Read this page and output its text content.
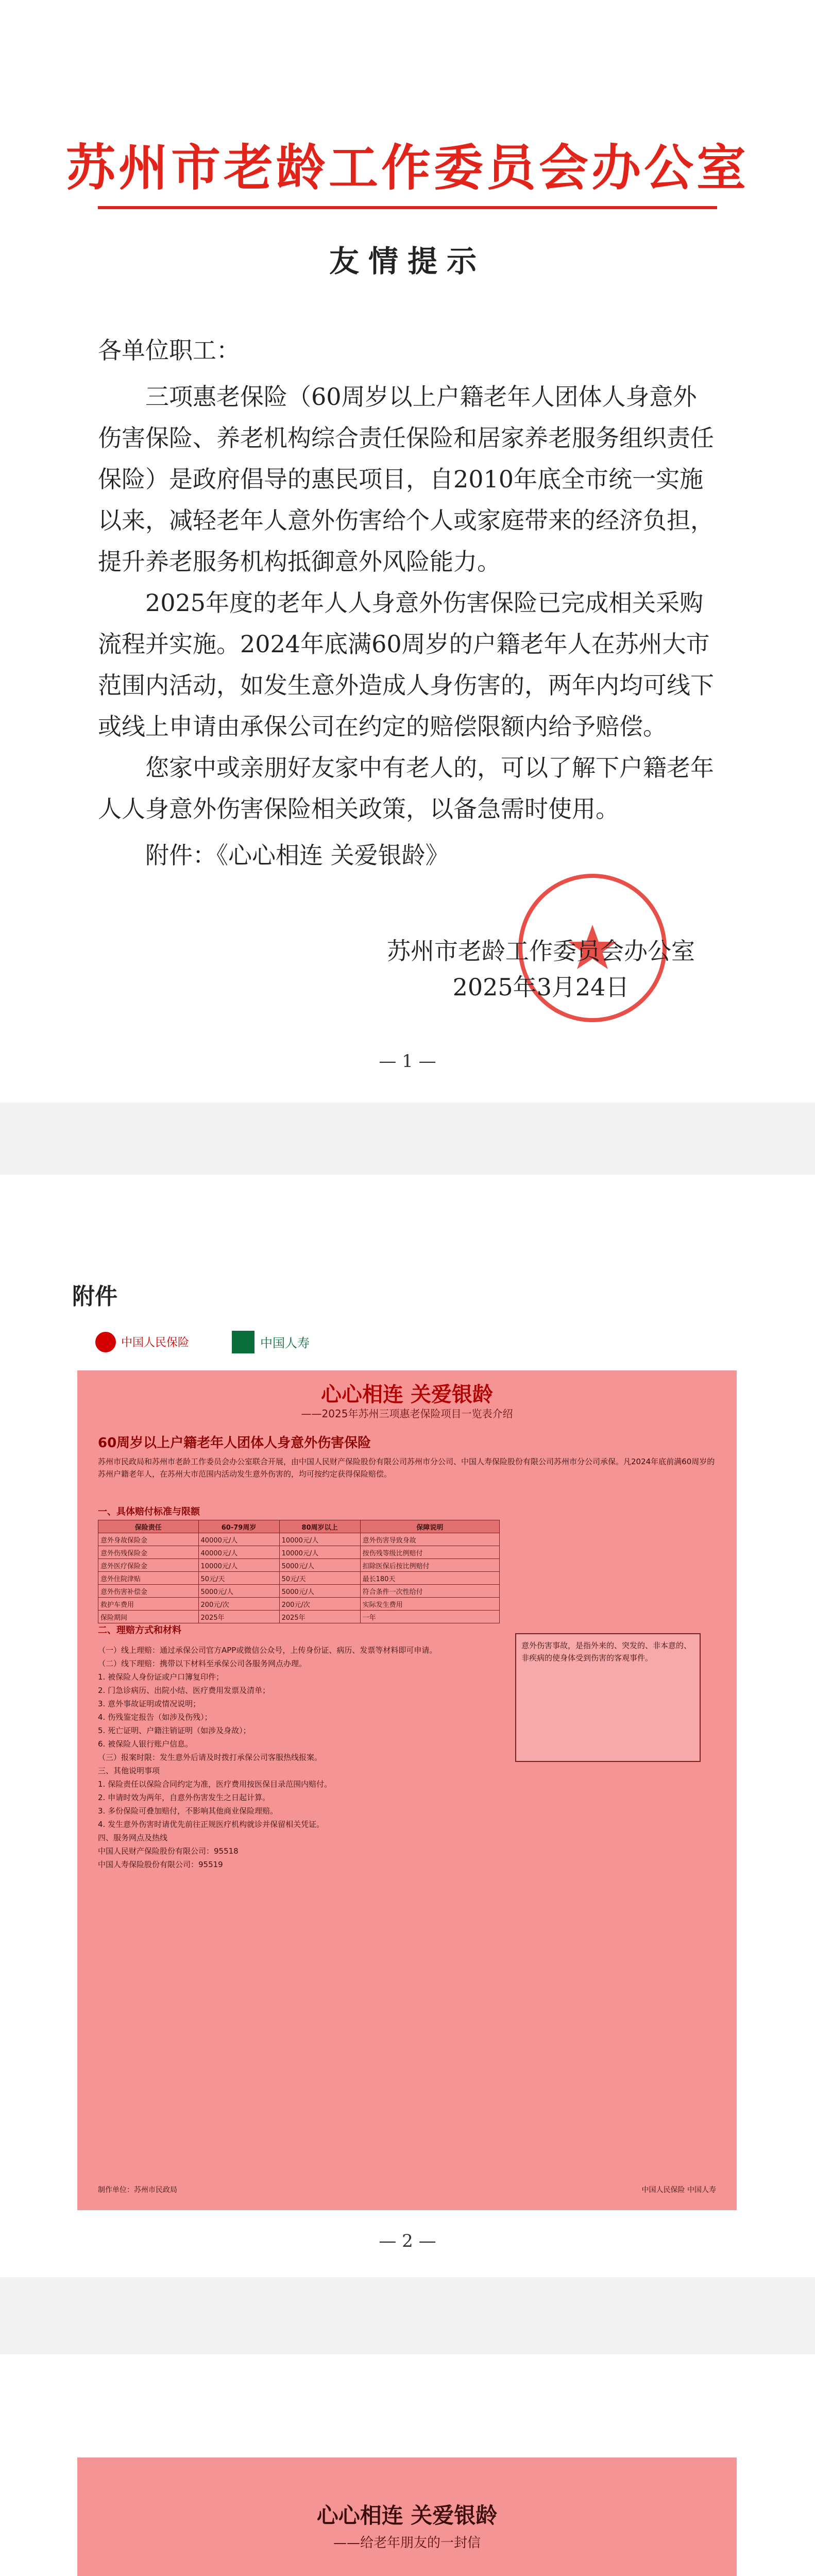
苏州市老龄工作委员会办公室
友情提示
各单位职工：

三项惠老保险（60周岁以上户籍老年人团体人身意外伤害保险、养老机构综合责任保险和居家养老服务组织责任保险）是政府倡导的惠民项目，自2010年底全市统一实施以来，减轻老年人意外伤害给个人或家庭带来的经济负担，提升养老服务机构抵御意外风险能力。

2025年度的老年人人身意外伤害保险已完成相关采购流程并实施。2024年底满60周岁的户籍老年人在苏州大市范围内活动，如发生意外造成人身伤害的，两年内均可线下或线上申请由承保公司在约定的赔偿限额内给予赔偿。

您家中或亲朋好友家中有老人的，可以了解下户籍老年人人身意外伤害保险相关政策，以备急需时使用。

附件：《心心相连 关爱银龄》
苏州市老龄工作委员会办公室
2025年3月24日
— 1 —
附件
中国人民保险	中国人寿
心心相连 关爱银龄
——2025年苏州三项惠老保险项目一览表介绍
60周岁以上户籍老年人团体人身意外伤害保险
苏州市民政局和苏州市老龄工作委员会办公室联合开展，由中国人民财产保险股份有限公司苏州市分公司、中国人寿保险股份有限公司苏州市分公司承保。凡2024年底前满60周岁的苏州户籍老年人，在苏州大市范围内活动发生意外伤害的，均可按约定获得保险赔偿。
一、具体赔付标准与限额
保险责任	60-79周岁	80周岁以上	保障说明
意外身故保险金	40000元/人	10000元/人	意外伤害导致身故
意外伤残保险金	40000元/人	10000元/人	按伤残等级比例赔付
意外医疗保险金	10000元/人	5000元/人	扣除医保后按比例赔付
意外住院津贴	50元/天	50元/天	最长180天
意外伤害补偿金	5000元/人	5000元/人	符合条件一次性给付
救护车费用	200元/次	200元/次	实际发生费用
保险期间	2025年	2025年	一年
意外伤害事故，是指外来的、突发的、非本意的、非疾病的使身体受到伤害的客观事件。
二、理赔方式和材料
（一）线上理赔：通过承保公司官方APP或微信公众号，上传身份证、病历、发票等材料即可申请。
（二）线下理赔：携带以下材料至承保公司各服务网点办理。
1. 被保险人身份证或户口簿复印件；
2. 门急诊病历、出院小结、医疗费用发票及清单；
3. 意外事故证明或情况说明；
4. 伤残鉴定报告（如涉及伤残）；
5. 死亡证明、户籍注销证明（如涉及身故）；
6. 被保险人银行账户信息。
（三）报案时限：发生意外后请及时拨打承保公司客服热线报案。
三、其他说明事项
1. 保险责任以保险合同约定为准，医疗费用按医保目录范围内赔付。
2. 申请时效为两年，自意外伤害发生之日起计算。
3. 多份保险可叠加赔付，不影响其他商业保险理赔。
4. 发生意外伤害时请优先前往正规医疗机构就诊并保留相关凭证。
四、服务网点及热线
中国人民财产保险股份有限公司：95518
中国人寿保险股份有限公司：95519
制作单位：苏州市民政局	中国人民保险 中国人寿
— 2 —
心心相连 关爱银龄
——给老年朋友的一封信
